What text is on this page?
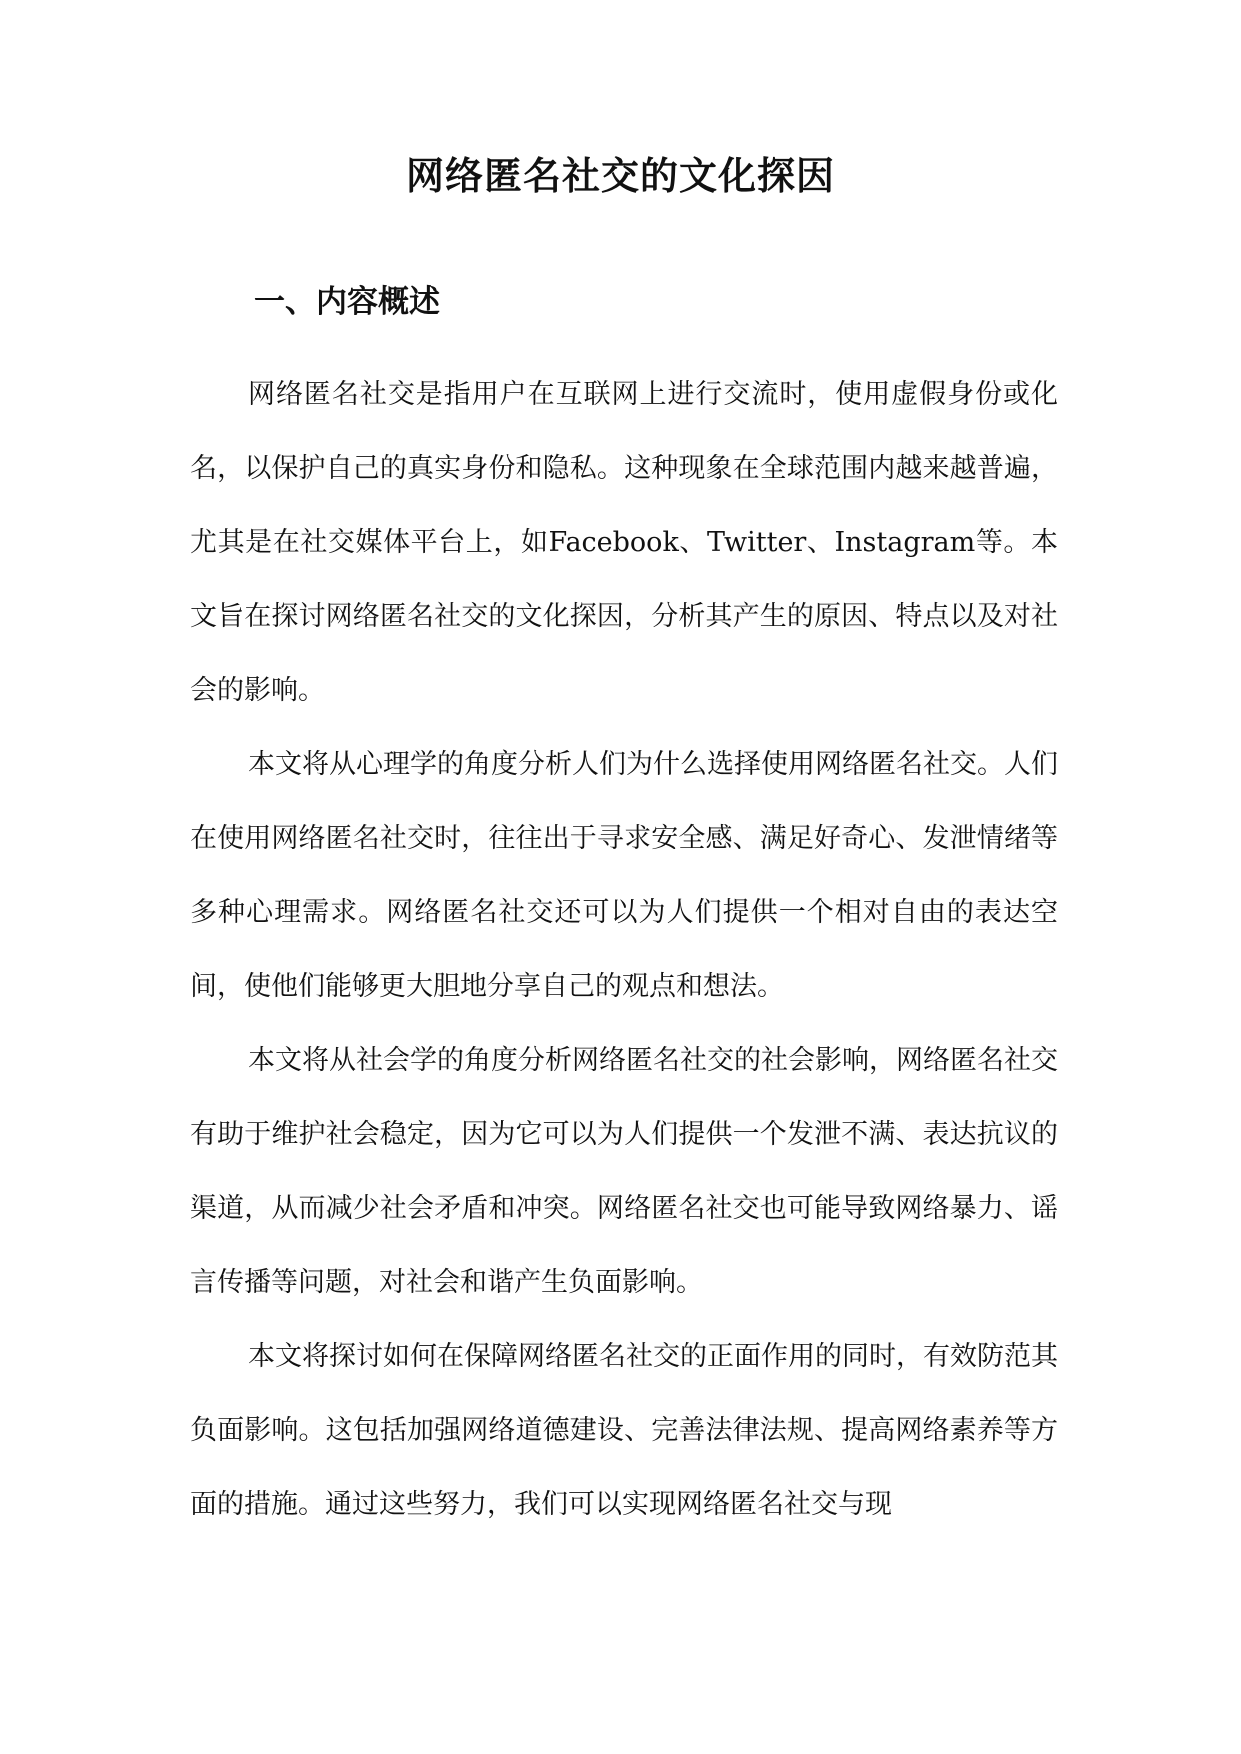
网络匿名社交的文化探因
一、内容概述

网络匿名社交是指用户在互联网上进行交流时，使用虚假身份或化名，以保护自己的真实身份和隐私。这种现象在全球范围内越来越普遍，尤其是在社交媒体平台上，如Facebook、Twitter、Instagram等。本文旨在探讨网络匿名社交的文化探因，分析其产生的原因、特点以及对社会的影响。

本文将从心理学的角度分析人们为什么选择使用网络匿名社交。人们在使用网络匿名社交时，往往出于寻求安全感、满足好奇心、发泄情绪等多种心理需求。网络匿名社交还可以为人们提供一个相对自由的表达空间，使他们能够更大胆地分享自己的观点和想法。

本文将从社会学的角度分析网络匿名社交的社会影响，网络匿名社交有助于维护社会稳定，因为它可以为人们提供一个发泄不满、表达抗议的渠道，从而减少社会矛盾和冲突。网络匿名社交也可能导致网络暴力、谣言传播等问题，对社会和谐产生负面影响。

本文将探讨如何在保障网络匿名社交的正面作用的同时，有效防范其负面影响。这包括加强网络道德建设、完善法律法规、提高网络素养等方面的措施。通过这些努力，我们可以实现网络匿名社交与现
